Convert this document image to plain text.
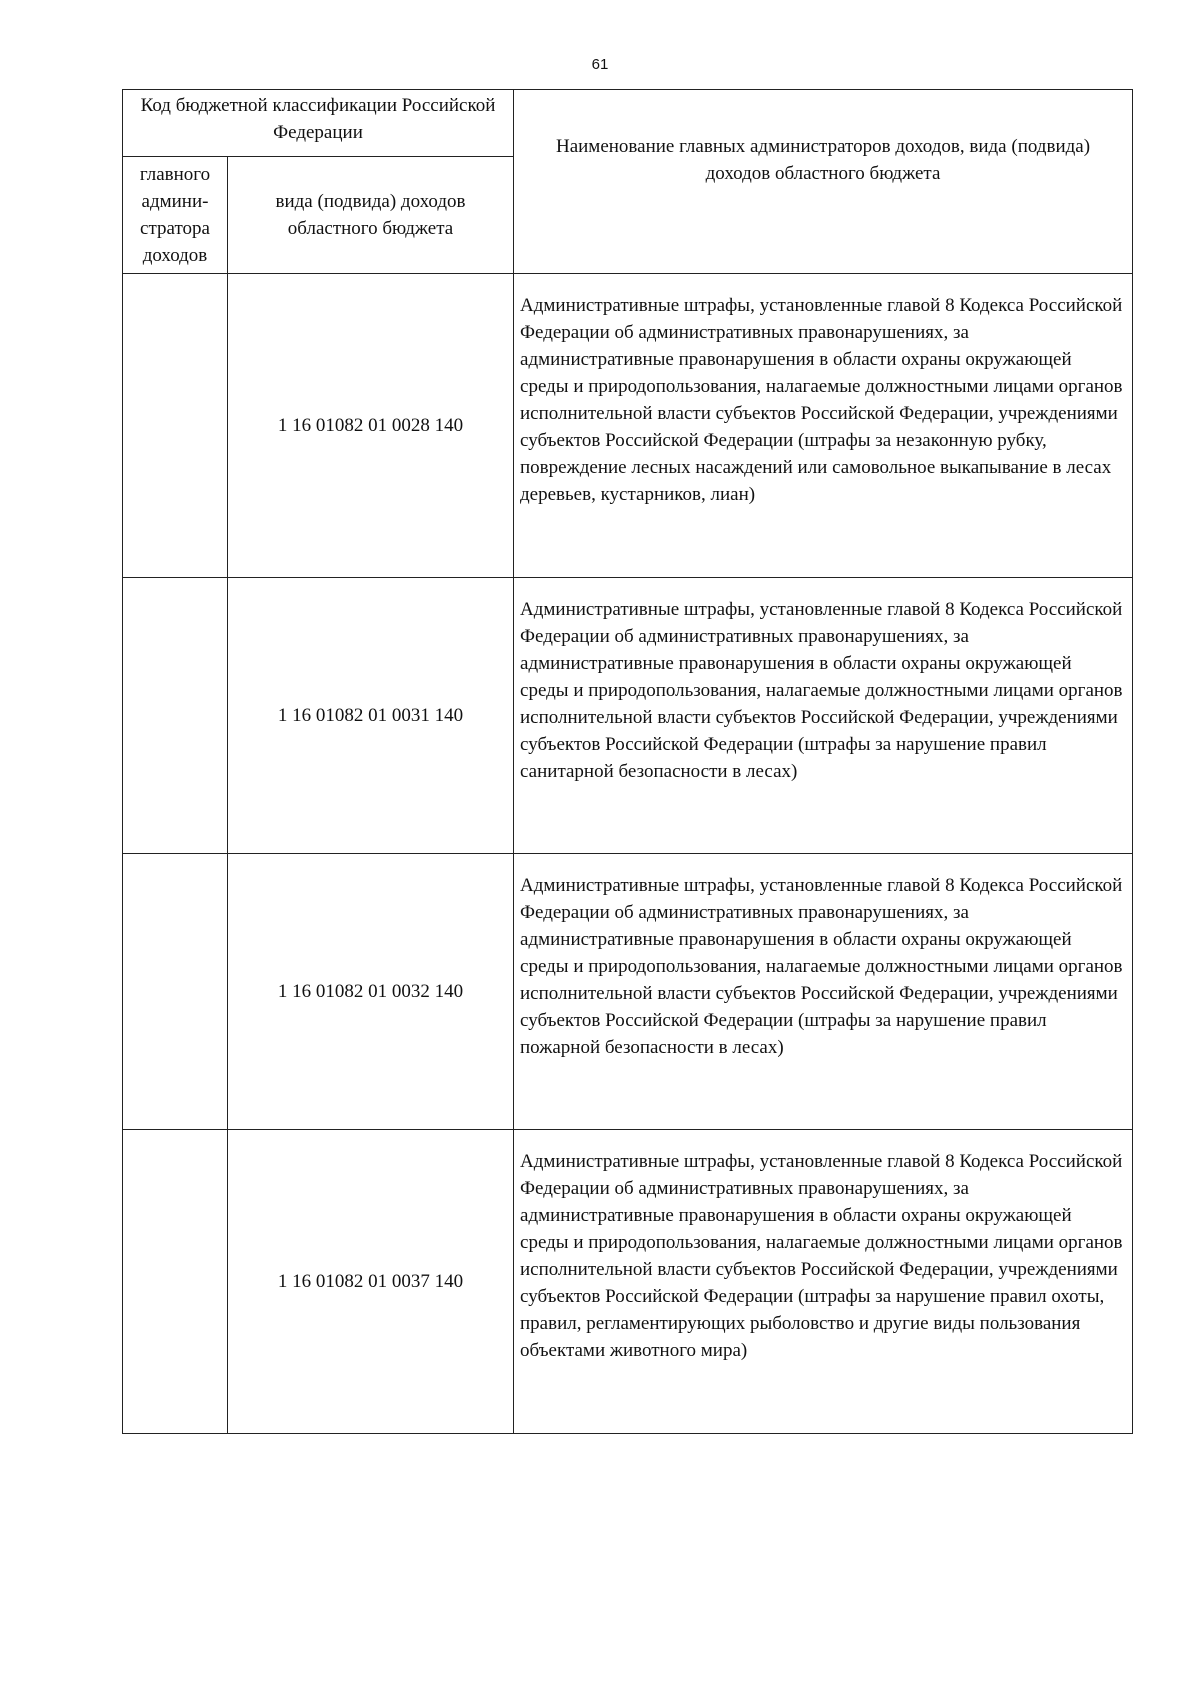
61
Код бюджетной классификации Российской Федерации		Наименование главных администраторов доходов, вида (подвида) доходов областного бюджета

главного
админи-
стратора
доходов	вида (подвида) доходов областного бюджета	

	1 16 01082 01 0028 140	Административные штрафы, установленные главой 8 Кодекса Российской Федерации об административных правонарушениях, за административные правонарушения в области охраны окружающей среды и природопользования, налагаемые должностными лицами органов исполнительной власти субъектов Российской Федерации, учреждениями субъектов Российской Федерации (штрафы за незаконную рубку, повреждение лесных насаждений или самовольное выкапывание в лесах деревьев, кустарников, лиан)
	1 16 01082 01 0031 140	Административные штрафы, установленные главой 8 Кодекса Российской Федерации об административных правонарушениях, за административные правонарушения в области охраны окружающей среды и природопользования, налагаемые должностными лицами органов исполнительной власти субъектов Российской Федерации, учреждениями субъектов Российской Федерации (штрафы за нарушение правил санитарной безопасности в лесах)
	1 16 01082 01 0032 140	Административные штрафы, установленные главой 8 Кодекса Российской Федерации об административных правонарушениях, за административные правонарушения в области охраны окружающей среды и природопользования, налагаемые должностными лицами органов исполнительной власти субъектов Российской Федерации, учреждениями субъектов Российской Федерации (штрафы за нарушение правил пожарной безопасности в лесах)
	1 16 01082 01 0037 140	Административные штрафы, установленные главой 8 Кодекса Российской Федерации об административных правонарушениях, за административные правонарушения в области охраны окружающей среды и природопользования, налагаемые должностными лицами органов исполнительной власти субъектов Российской Федерации, учреждениями субъектов Российской Федерации (штрафы за нарушение правил охоты, правил, регламентирующих рыболовство и другие виды пользования объектами животного мира)
